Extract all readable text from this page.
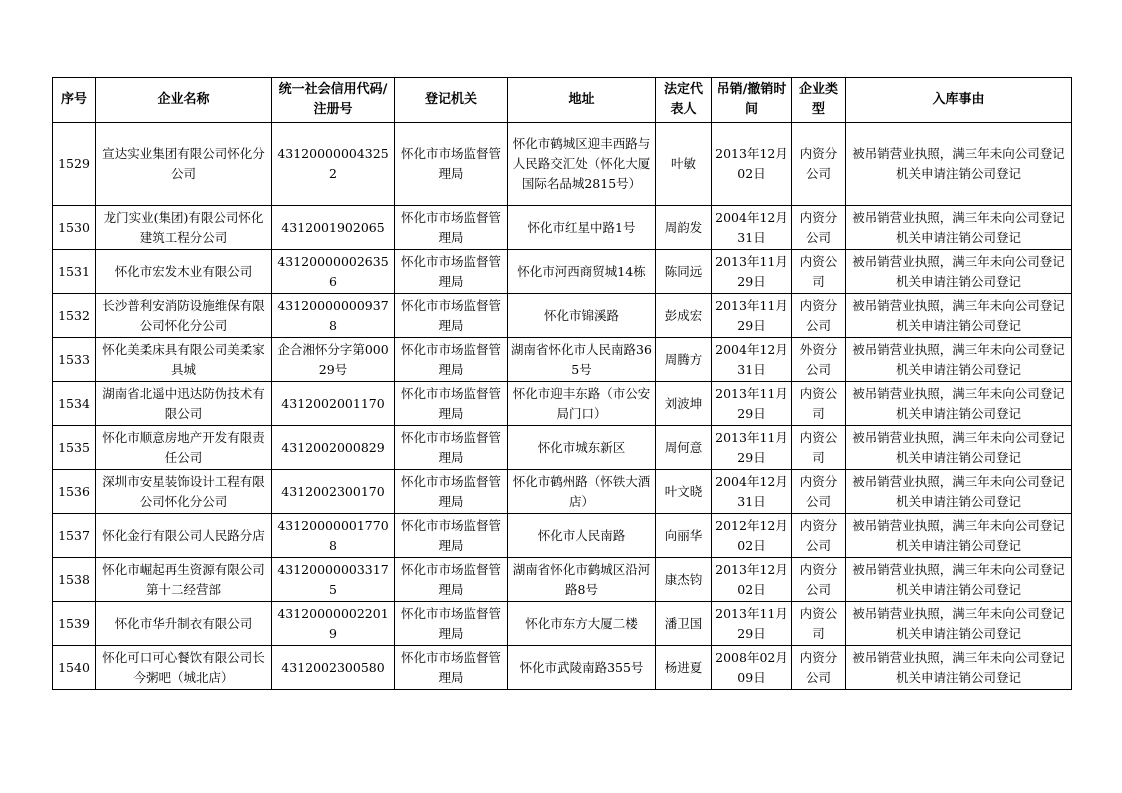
序号	企业名称	统一社会信用代码/注册号	登记机关	地址	法定代表人	吊销/撤销时间	企业类型	入库事由
1529	宣达实业集团有限公司怀化分公司	431200000043252	怀化市市场监督管理局	怀化市鹤城区迎丰西路与人民路交汇处（怀化大厦国际名品城2815号）	叶敏	2013年12月02日	内资分公司	被吊销营业执照，满三年未向公司登记机关申请注销公司登记
1530	龙门实业(集团)有限公司怀化建筑工程分公司	4312001902065	怀化市市场监督管理局	怀化市红星中路1号	周韵发	2004年12月31日	内资分公司	被吊销营业执照，满三年未向公司登记机关申请注销公司登记
1531	怀化市宏发木业有限公司	431200000026356	怀化市市场监督管理局	怀化市河西商贸城14栋	陈同远	2013年11月29日	内资公司	被吊销营业执照，满三年未向公司登记机关申请注销公司登记
1532	长沙普利安消防设施维保有限公司怀化分公司	431200000009378	怀化市市场监督管理局	怀化市锦溪路	彭成宏	2013年11月29日	内资分公司	被吊销营业执照，满三年未向公司登记机关申请注销公司登记
1533	怀化美柔床具有限公司美柔家具城	企合湘怀分字第00029号	怀化市市场监督管理局	湖南省怀化市人民南路365号	周腾方	2004年12月31日	外资分公司	被吊销营业执照，满三年未向公司登记机关申请注销公司登记
1534	湖南省北遥中迅达防伪技术有限公司	4312002001170	怀化市市场监督管理局	怀化市迎丰东路（市公安局门口）	刘波坤	2013年11月29日	内资公司	被吊销营业执照，满三年未向公司登记机关申请注销公司登记
1535	怀化市顺意房地产开发有限责任公司	4312002000829	怀化市市场监督管理局	怀化市城东新区	周何意	2013年11月29日	内资公司	被吊销营业执照，满三年未向公司登记机关申请注销公司登记
1536	深圳市安星装饰设计工程有限公司怀化分公司	4312002300170	怀化市市场监督管理局	怀化市鹤州路（怀铁大酒店）	叶文晓	2004年12月31日	内资分公司	被吊销营业执照，满三年未向公司登记机关申请注销公司登记
1537	怀化金行有限公司人民路分店	431200000017708	怀化市市场监督管理局	怀化市人民南路	向丽华	2012年12月02日	内资分公司	被吊销营业执照，满三年未向公司登记机关申请注销公司登记
1538	怀化市崛起再生资源有限公司第十二经营部	431200000033175	怀化市市场监督管理局	湖南省怀化市鹤城区沿河路8号	康杰钧	2013年12月02日	内资分公司	被吊销营业执照，满三年未向公司登记机关申请注销公司登记
1539	怀化市华升制衣有限公司	431200000022019	怀化市市场监督管理局	怀化市东方大厦二楼	潘卫国	2013年11月29日	内资公司	被吊销营业执照，满三年未向公司登记机关申请注销公司登记
1540	怀化可口可心餐饮有限公司长今粥吧（城北店）	4312002300580	怀化市市场监督管理局	怀化市武陵南路355号	杨进夏	2008年02月09日	内资分公司	被吊销营业执照，满三年未向公司登记机关申请注销公司登记
